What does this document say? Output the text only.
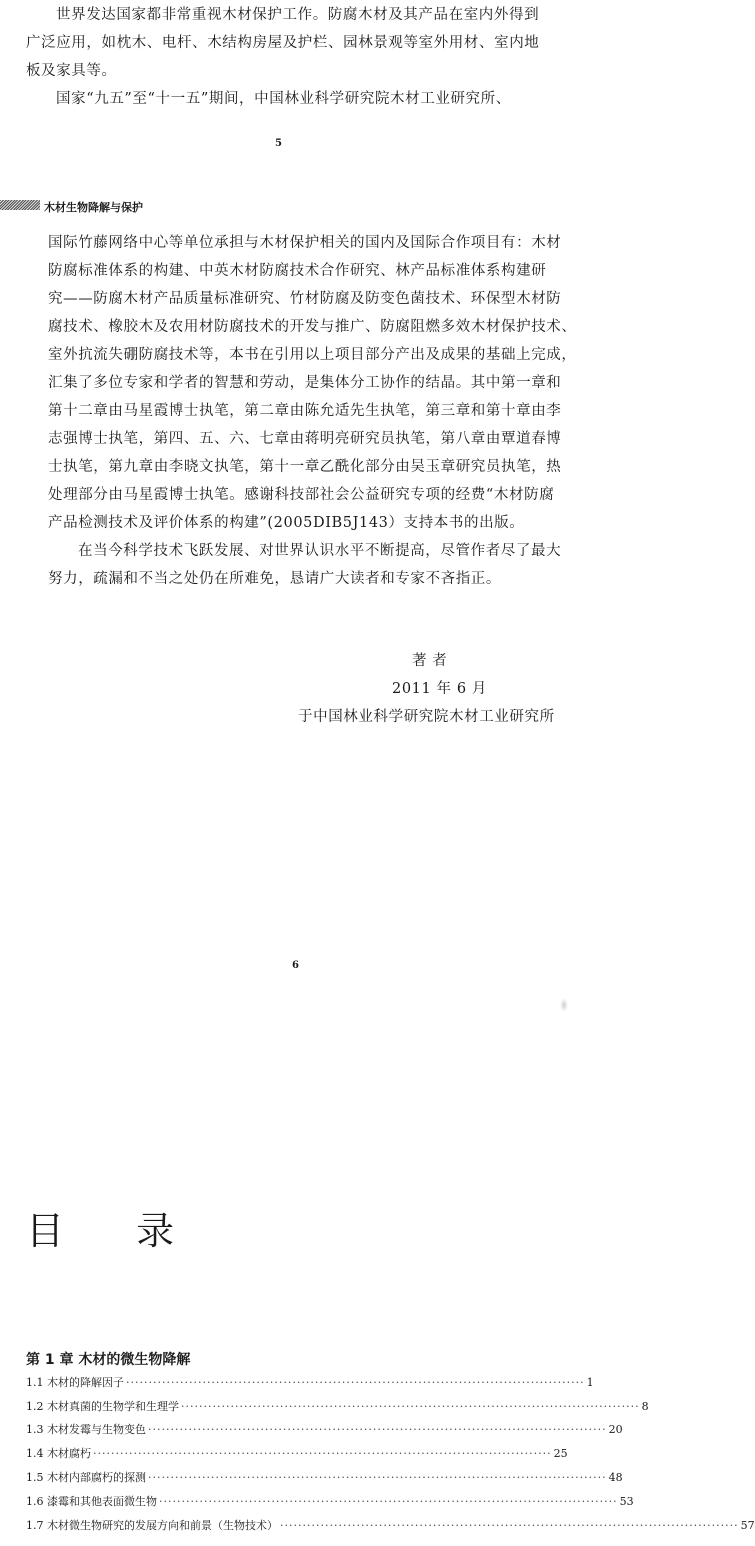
世界发达国家都非常重视木材保护工作。防腐木材及其产品在室内外得到
广泛应用，如枕木、电杆、木结构房屋及护栏、园林景观等室外用材、室内地
板及家具等。
国家“九五”至“十一五”期间，中国林业科学研究院木材工业研究所、
5
木材生物降解与保护
国际竹藤网络中心等单位承担与木材保护相关的国内及国际合作项目有：木材
防腐标准体系的构建、中英木材防腐技术合作研究、林产品标准体系构建研
究——防腐木材产品质量标准研究、竹材防腐及防变色菌技术、环保型木材防
腐技术、橡胶木及农用材防腐技术的开发与推广、防腐阻燃多效木材保护技术、
室外抗流失硼防腐技术等，本书在引用以上项目部分产出及成果的基础上完成，
汇集了多位专家和学者的智慧和劳动，是集体分工协作的结晶。其中第一章和
第十二章由马星霞博士执笔，第二章由陈允适先生执笔，第三章和第十章由李
志强博士执笔，第四、五、六、七章由蒋明亮研究员执笔，第八章由覃道春博
士执笔，第九章由李晓文执笔，第十一章乙酰化部分由吴玉章研究员执笔，热
处理部分由马星霞博士执笔。感谢科技部社会公益研究专项的经费“木材防腐
产品检测技术及评价体系的构建”(2005DIB5J143）支持本书的出版。
在当今科学技术飞跃发展、对世界认识水平不断提高，尽管作者尽了最大
努力，疏漏和不当之处仍在所难免，恳请广大读者和专家不吝指正。
著 者
2011 年 6 月
于中国林业科学研究院木材工业研究所
6
目 录
第 1 章 木材的微生物降解
1.1 木材的降解因子 ······································································································ 1
1.2 木材真菌的生物学和生理学 ······································································································ 8
1.3 木材发霉与生物变色 ······································································································ 20
1.4 木材腐朽 ······································································································ 25
1.5 木材内部腐朽的探测 ······································································································ 48
1.6 漆霉和其他表面微生物 ······································································································ 53
1.7 木材微生物研究的发展方向和前景（生物技术） ······································································································ 57
